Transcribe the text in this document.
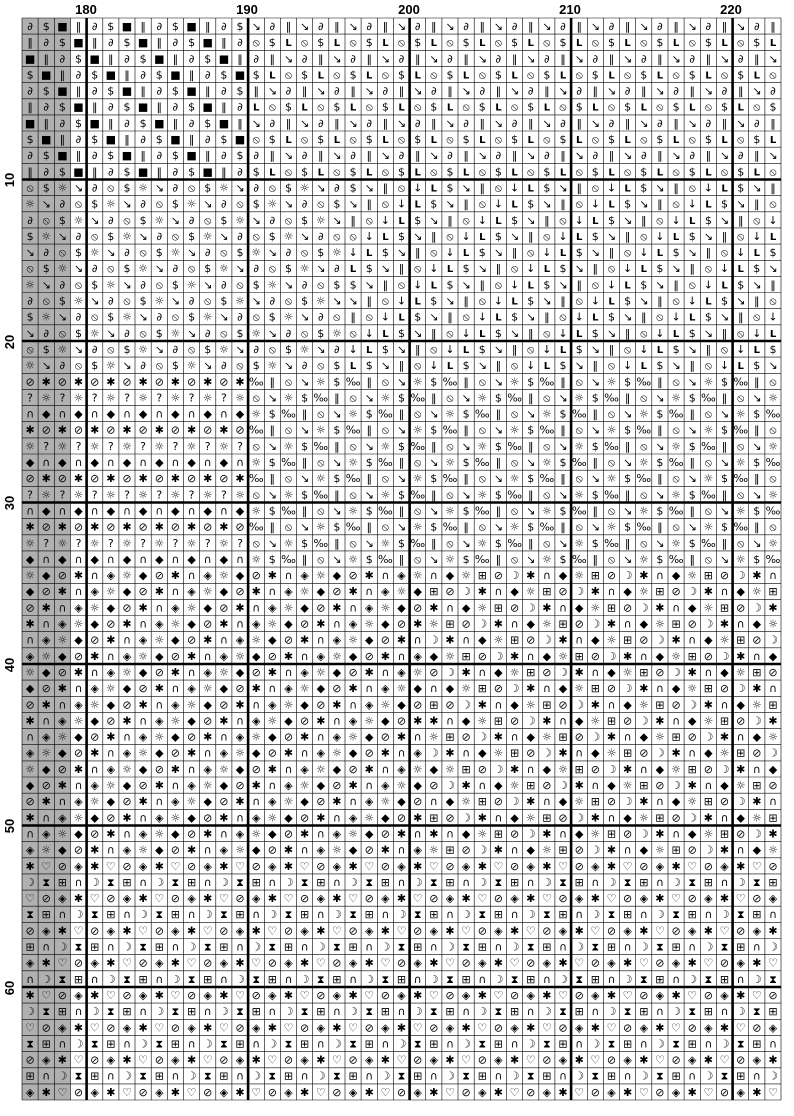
∂ $ ■ ‖ ∂ $ ■ ‖ ∂ $ ■ ‖ ∂ $ ↘ ∂ ‖ ↘ ∂ ‖ ↘ ∂ ‖ ↘ ∂ ‖ ↘ ∂ ‖ ↘ ∂ ‖ ↘ ∂ ‖ ↘ ∂ ‖ ↘ ∂ ‖ ↘ ∂ ‖ ↘ ∂ ‖
‖ ∂ $ ■ ‖ ∂ $ ■ ‖ ∂ $ ■ ‖ ∂ ⦸ $ L ⦸ $ L ⦸ $ L ⦸ $ L ⦸ $ L ⦸ $ L ⦸ $ L ⦸ $ L ⦸ $ L ⦸ $ L ⦸ $ L
■ ‖ ∂ $ ■ ‖ ∂ $ ■ ‖ ∂ $ ■ ‖ ∂ ‖ ↘ ∂ ‖ ↘ ∂ ‖ ↘ ∂ ‖ ↘ ∂ ‖ ↘ ∂ ‖ ↘ ∂ ‖ ↘ ∂ ‖ ↘ ∂ ‖ ↘ ∂ ‖ ↘ ∂ ‖ ↘
$ ■ ‖ ∂ $ ■ ‖ ∂ $ ■ ‖ ∂ $ ■ $ L ⦸ $ L ⦸ $ L ⦸ $ L ⦸ $ L ⦸ $ L ⦸ $ L ⦸ $ L ⦸ $ L ⦸ $ L ⦸ $ L ⦸
∂ $ ■ ‖ ∂ $ ■ ‖ ∂ $ ■ ‖ ∂ $ ‖ ↘ ∂ ‖ ↘ ∂ ‖ ↘ ∂ ‖ ↘ ∂ ‖ ↘ ∂ ‖ ↘ ∂ ‖ ↘ ∂ ‖ ↘ ∂ ‖ ↘ ∂ ‖ ↘ ∂ ‖ ↘ ∂
‖ ∂ $ ■ ‖ ∂ $ ■ ‖ ∂ $ ■ ‖ ∂ L ⦸ $ L ⦸ $ L ⦸ $ L ⦸ $ L ⦸ $ L ⦸ $ L ⦸ $ L ⦸ $ L ⦸ $ L ⦸ $ L ⦸ $
■ ‖ ∂ $ ■ ‖ ∂ $ ■ ‖ ∂ $ ■ ‖ ↘ ∂ ‖ ↘ ∂ ‖ ↘ ∂ ‖ ↘ ∂ ‖ ↘ ∂ ‖ ↘ ∂ ‖ ↘ ∂ ‖ ↘ ∂ ‖ ↘ ∂ ‖ ↘ ∂ ‖ ↘ ∂ ‖
$ ■ ‖ ∂ $ ■ ‖ ∂ $ ■ ‖ ∂ $ ■ ⦸ $ L ⦸ $ L ⦸ $ L ⦸ $ L ⦸ $ L ⦸ $ L ⦸ $ L ⦸ $ L ⦸ $ L ⦸ $ L ⦸ $ L
∂ $ ■ ‖ ∂ $ ■ ‖ ∂ $ ■ ‖ ∂ $ ∂ ‖ ↘ ∂ ‖ ↘ ∂ ‖ ↘ ∂ ‖ ↘ ∂ ‖ ↘ ∂ ‖ ↘ ∂ ‖ ↘ ∂ ‖ ↘ ∂ ‖ ↘ ∂ ‖ ↘ ∂ ‖ ↘
‖ ∂ $ ■ ‖ ∂ $ ■ ‖ ∂ $ ■ ‖ ∂ $ L ⦸ $ L ⦸ $ L ⦸ $ L ⦸ $ L ⦸ $ L ⦸ $ L ⦸ $ L ⦸ $ L ⦸ $ L ⦸ $ L ⦸
⦸ $ ☼ ↘ ∂ ⦸ $ ☼ ↘ ∂ ⦸ $ ☼ ↘ ∂ ⦸ $ ☼ ↘ ∂ $ ↘ ‖ ⦸ ↓ L $ ↘ ‖ ⦸ ↓ L $ ↘ ‖ ⦸ ↓ L $ ↘ ‖ ⦸ ↓ L $ ↘ ‖
☼ ↘ ∂ ⦸ $ ☼ ↘ ∂ ⦸ $ ☼ ↘ ∂ ⦸ $ ☼ ↘ ∂ ⦸ $ ↘ ‖ ⦸ ↓ L $ ↘ ‖ ⦸ ↓ L $ ↘ ‖ ⦸ ↓ L $ ↘ ‖ ⦸ ↓ L $ ↘ ‖ ⦸
∂ ⦸ $ ☼ ↘ ∂ ⦸ $ ☼ ↘ ∂ ⦸ $ ☼ ↘ ∂ ⦸ $ ☼ ↘ ‖ ⦸ ↓ L $ ↘ ‖ ⦸ ↓ L $ ↘ ‖ ⦸ ↓ L $ ↘ ‖ ⦸ ↓ L $ ↘ ‖ ⦸ ↓
$ ☼ ↘ ∂ ⦸ $ ☼ ↘ ∂ ⦸ $ ☼ ↘ ∂ ⦸ $ ☼ ↘ ∂ ⦸ ⦸ ↓ L $ ↘ ‖ ⦸ ↓ L $ ↘ ‖ ⦸ ↓ L $ ↘ ‖ ⦸ ↓ L $ ↘ ‖ ⦸ ↓ L
↘ ∂ ⦸ $ ☼ ↘ ∂ ⦸ $ ☼ ↘ ∂ ⦸ $ ☼ ↘ ∂ ⦸ $ ☼ ↓ L $ ↘ ‖ ⦸ ↓ L $ ↘ ‖ ⦸ ↓ L $ ↘ ‖ ⦸ ↓ L $ ↘ ‖ ⦸ ↓ L $
⦸ $ ☼ ↘ ∂ ⦸ $ ☼ ↘ ∂ ⦸ $ ☼ ↘ ∂ ⦸ $ ☼ ↘ ∂ L $ ↘ ‖ ⦸ ↓ L $ ↘ ‖ ⦸ ↓ L $ ↘ ‖ ⦸ ↓ L $ ↘ ‖ ⦸ ↓ L $ ↘
☼ ↘ ∂ ⦸ $ ☼ ↘ ∂ ⦸ $ ☼ ↘ ∂ ⦸ $ ☼ ↘ ∂ ⦸ $ $ ↘ ‖ ⦸ ↓ L $ ↘ ‖ ⦸ ↓ L $ ↘ ‖ ⦸ ↓ L $ ↘ ‖ ⦸ ↓ L $ ↘ ‖
∂ ⦸ $ ☼ ↘ ∂ ⦸ $ ☼ ↘ ∂ ⦸ $ ☼ ↘ ∂ ⦸ $ ☼ ↘ ↘ ‖ ⦸ ↓ L $ ↘ ‖ ⦸ ↓ L $ ↘ ‖ ⦸ ↓ L $ ↘ ‖ ⦸ ↓ L $ ↘ ‖ ⦸
$ ☼ ↘ ∂ ⦸ $ ☼ ↘ ∂ ⦸ $ ☼ ↘ ∂ ⦸ $ ☼ ↘ ∂ ⦸ ‖ ⦸ ↓ L $ ↘ ‖ ⦸ ↓ L $ ↘ ‖ ⦸ ↓ L $ ↘ ‖ ⦸ ↓ L $ ↘ ‖ ⦸ ↓
↘ ∂ ⦸ $ ☼ ↘ ∂ ⦸ $ ☼ ↘ ∂ ⦸ $ ☼ ↘ ∂ ⦸ $ ☼ ⦸ ↓ L $ ↘ ‖ ⦸ ↓ L $ ↘ ‖ ⦸ ↓ L $ ↘ ‖ ⦸ ↓ L $ ↘ ‖ ⦸ ↓ L
⦸ $ ☼ ↘ ∂ ⦸ $ ☼ ↘ ∂ ⦸ $ ☼ ↘ ∂ ⦸ $ ☼ ↘ ∂ ↓ L $ ↘ ‖ ⦸ ↓ L $ ↘ ‖ ⦸ ↓ L $ ↘ ‖ ⦸ ↓ L $ ↘ ‖ ⦸ ↓ L $
☼ ↘ ∂ ⦸ $ ☼ ↘ ∂ ⦸ $ ☼ ↘ ∂ ⦸ $ ☼ ↘ ∂ ⦸ $ L $ ↘ ‖ ⦸ ↓ L $ ↘ ‖ ⦸ ↓ L $ ↘ ‖ ⦸ ↓ L $ ↘ ‖ ⦸ ↓ L $ ↘
⊘ ✱ ⊘ ✱ ⊘ ✱ ⊘ ✱ ⊘ ✱ ⊘ ✱ ⊘ ✱ ‰ ‖ ⦸ ↘ ☼ $ ‰ ‖ ⦸ ↘ ☼ $ ‰ ‖ ⦸ ↘ ☼ $ ‰ ‖ ⦸ ↘ ☼ $ ‰ ‖ ⦸ ↘ ☼ $ ‰ ‖ ⦸
? ☼ ? ☼ ? ☼ ? ☼ ? ☼ ? ☼ ? ☼ ⦸ ↘ ☼ $ ‰ ‖ ⦸ ↘ ☼ $ ‰ ‖ ⦸ ↘ ☼ $ ‰ ‖ ⦸ ↘ ☼ $ ‰ ‖ ⦸ ↘ ☼ $ ‰ ‖ ⦸ ↘ ☼
∩ ◆ ∩ ◆ ∩ ◆ ∩ ◆ ∩ ◆ ∩ ◆ ∩ ◆ ☼ $ ‰ ‖ ⦸ ↘ ☼ $ ‰ ‖ ⦸ ↘ ☼ $ ‰ ‖ ⦸ ↘ ☼ $ ‰ ‖ ⦸ ↘ ☼ $ ‰ ‖ ⦸ ↘ ☼ $ ‰
✱ ⊘ ✱ ⊘ ✱ ⊘ ✱ ⊘ ✱ ⊘ ✱ ⊘ ✱ ⊘ ‰ ‖ ⦸ ↘ ☼ $ ‰ ‖ ⦸ ↘ ☼ $ ‰ ‖ ⦸ ↘ ☼ $ ‰ ‖ ⦸ ↘ ☼ $ ‰ ‖ ⦸ ↘ ☼ $ ‰ ‖ ⦸
☼ ? ☼ ? ☼ ? ☼ ? ☼ ? ☼ ? ☼ ? ⦸ ↘ ☼ $ ‰ ‖ ⦸ ↘ ☼ $ ‰ ‖ ⦸ ↘ ☼ $ ‰ ‖ ⦸ ↘ ☼ $ ‰ ‖ ⦸ ↘ ☼ $ ‰ ‖ ⦸ ↘ ☼
◆ ∩ ◆ ∩ ◆ ∩ ◆ ∩ ◆ ∩ ◆ ∩ ◆ ∩ ☼ $ ‰ ‖ ⦸ ↘ ☼ $ ‰ ‖ ⦸ ↘ ☼ $ ‰ ‖ ⦸ ↘ ☼ $ ‰ ‖ ⦸ ↘ ☼ $ ‰ ‖ ⦸ ↘ ☼ $ ‰
⊘ ✱ ⊘ ✱ ⊘ ✱ ⊘ ✱ ⊘ ✱ ⊘ ✱ ⊘ ✱ ‰ ‖ ⦸ ↘ ☼ $ ‰ ‖ ⦸ ↘ ☼ $ ‰ ‖ ⦸ ↘ ☼ $ ‰ ‖ ⦸ ↘ ☼ $ ‰ ‖ ⦸ ↘ ☼ $ ‰ ‖ ⦸
? ☼ ? ☼ ? ☼ ? ☼ ? ☼ ? ☼ ? ☼ ⦸ ↘ ☼ $ ‰ ‖ ⦸ ↘ ☼ $ ‰ ‖ ⦸ ↘ ☼ $ ‰ ‖ ⦸ ↘ ☼ $ ‰ ‖ ⦸ ↘ ☼ $ ‰ ‖ ⦸ ↘ ☼
∩ ◆ ∩ ◆ ∩ ◆ ∩ ◆ ∩ ◆ ∩ ◆ ∩ ◆ ☼ $ ‰ ‖ ⦸ ↘ ☼ $ ‰ ‖ ⦸ ↘ ☼ $ ‰ ‖ ⦸ ↘ ☼ $ ‰ ‖ ⦸ ↘ ☼ $ ‰ ‖ ⦸ ↘ ☼ $ ‰
✱ ⊘ ✱ ⊘ ✱ ⊘ ✱ ⊘ ✱ ⊘ ✱ ⊘ ✱ ⊘ ‰ ‖ ⦸ ↘ ☼ $ ‰ ‖ ⦸ ↘ ☼ $ ‰ ‖ ⦸ ↘ ☼ $ ‰ ‖ ⦸ ↘ ☼ $ ‰ ‖ ⦸ ↘ ☼ $ ‰ ‖ ⦸
☼ ? ☼ ? ☼ ? ☼ ? ☼ ? ☼ ? ☼ ? ⦸ ↘ ☼ $ ‰ ‖ ⦸ ↘ ☼ $ ‰ ‖ ⦸ ↘ ☼ $ ‰ ‖ ⦸ ↘ ☼ $ ‰ ‖ ⦸ ↘ ☼ $ ‰ ‖ ⦸ ↘ ☼
◆ ∩ ◆ ∩ ◆ ∩ ◆ ∩ ◆ ∩ ◆ ∩ ◆ ∩ ☼ $ ‰ ‖ ⦸ ↘ ☼ $ ‰ ‖ ⦸ ↘ ☼ $ ‰ ‖ ⦸ ↘ ☼ $ ‰ ‖ ⦸ ↘ ☼ $ ‰ ‖ ⦸ ↘ ☼ $ ‰
☼ ◆ ⊘ ✱ ∩ ◈ ☼ ◆ ⊘ ✱ ∩ ◈ ☼ ◆ ⊘ ✱ ∩ ◈ ☼ ◆ ⊘ ✱ ∩ ◈ ☼ ∩ ◆ ☼ ⊞ ⊘ ☽ ✱ ∩ ◆ ☼ ⊞ ⊘ ☽ ✱ ∩ ◆ ☼ ⊞ ⊘ ☽ ✱ ∩
◆ ⊘ ✱ ∩ ◈ ☼ ◆ ⊘ ✱ ∩ ◈ ☼ ◆ ⊘ ✱ ∩ ◈ ☼ ◆ ⊘ ✱ ∩ ◈ ☼ ◆ ⊞ ⊘ ☽ ✱ ∩ ◆ ☼ ⊞ ⊘ ☽ ✱ ∩ ◆ ☼ ⊞ ⊘ ☽ ✱ ∩ ◆ ☼ ⊞
⊘ ✱ ∩ ◈ ☼ ◆ ⊘ ✱ ∩ ◈ ☼ ◆ ⊘ ✱ ∩ ◈ ☼ ◆ ⊘ ✱ ∩ ◈ ☼ ◆ ⊘ ✱ ∩ ◆ ☼ ⊞ ⊘ ☽ ✱ ∩ ◆ ☼ ⊞ ⊘ ☽ ✱ ∩ ◆ ☼ ⊞ ⊘ ☽ ✱
✱ ∩ ◈ ☼ ◆ ⊘ ✱ ∩ ◈ ☼ ◆ ⊘ ✱ ∩ ◈ ☼ ◆ ⊘ ✱ ∩ ◈ ☼ ◆ ⊘ ✱ ☼ ⊞ ⊘ ☽ ✱ ∩ ◆ ☼ ⊞ ⊘ ☽ ✱ ∩ ◆ ☼ ⊞ ⊘ ☽ ✱ ∩ ◆ ☼
∩ ◈ ☼ ◆ ⊘ ✱ ∩ ◈ ☼ ◆ ⊘ ✱ ∩ ◈ ☼ ◆ ⊘ ✱ ∩ ◈ ☼ ◆ ⊘ ✱ ∩ ☽ ✱ ∩ ◆ ☼ ⊞ ⊘ ☽ ✱ ∩ ◆ ☼ ⊞ ⊘ ☽ ✱ ∩ ◆ ☼ ⊞ ⊘ ☽
◈ ☼ ◆ ⊘ ✱ ∩ ◈ ☼ ◆ ⊘ ✱ ∩ ◈ ☼ ◆ ⊘ ✱ ∩ ◈ ☼ ◆ ⊘ ✱ ∩ ◈ ◆ ☼ ⊞ ⊘ ☽ ✱ ∩ ◆ ☼ ⊞ ⊘ ☽ ✱ ∩ ◆ ☼ ⊞ ⊘ ☽ ✱ ∩ ◆
☼ ◆ ⊘ ✱ ∩ ◈ ☼ ◆ ⊘ ✱ ∩ ◈ ☼ ◆ ⊘ ✱ ∩ ◈ ☼ ◆ ⊘ ✱ ∩ ◈ ☼ ⊘ ☽ ✱ ∩ ◆ ☼ ⊞ ⊘ ☽ ✱ ∩ ◆ ☼ ⊞ ⊘ ☽ ✱ ∩ ◆ ☼ ⊞ ⊘
◆ ⊘ ✱ ∩ ◈ ☼ ◆ ⊘ ✱ ∩ ◈ ☼ ◆ ⊘ ✱ ∩ ◈ ☼ ◆ ⊘ ✱ ∩ ◈ ☼ ◆ ∩ ◆ ☼ ⊞ ⊘ ☽ ✱ ∩ ◆ ☼ ⊞ ⊘ ☽ ✱ ∩ ◆ ☼ ⊞ ⊘ ☽ ✱ ∩
⊘ ✱ ∩ ◈ ☼ ◆ ⊘ ✱ ∩ ◈ ☼ ◆ ⊘ ✱ ∩ ◈ ☼ ◆ ⊘ ✱ ∩ ◈ ☼ ◆ ⊘ ⊞ ⊘ ☽ ✱ ∩ ◆ ☼ ⊞ ⊘ ☽ ✱ ∩ ◆ ☼ ⊞ ⊘ ☽ ✱ ∩ ◆ ☼ ⊞
✱ ∩ ◈ ☼ ◆ ⊘ ✱ ∩ ◈ ☼ ◆ ⊘ ✱ ∩ ◈ ☼ ◆ ⊘ ✱ ∩ ◈ ☼ ◆ ⊘ ✱ ✱ ∩ ◆ ☼ ⊞ ⊘ ☽ ✱ ∩ ◆ ☼ ⊞ ⊘ ☽ ✱ ∩ ◆ ☼ ⊞ ⊘ ☽ ✱
∩ ◈ ☼ ◆ ⊘ ✱ ∩ ◈ ☼ ◆ ⊘ ✱ ∩ ◈ ☼ ◆ ⊘ ✱ ∩ ◈ ☼ ◆ ⊘ ✱ ∩ ☼ ⊞ ⊘ ☽ ✱ ∩ ◆ ☼ ⊞ ⊘ ☽ ✱ ∩ ◆ ☼ ⊞ ⊘ ☽ ✱ ∩ ◆ ☼
◈ ☼ ◆ ⊘ ✱ ∩ ◈ ☼ ◆ ⊘ ✱ ∩ ◈ ☼ ◆ ⊘ ✱ ∩ ◈ ☼ ◆ ⊘ ✱ ∩ ◈ ☽ ✱ ∩ ◆ ☼ ⊞ ⊘ ☽ ✱ ∩ ◆ ☼ ⊞ ⊘ ☽ ✱ ∩ ◆ ☼ ⊞ ⊘ ☽
☼ ◆ ⊘ ✱ ∩ ◈ ☼ ◆ ⊘ ✱ ∩ ◈ ☼ ◆ ⊘ ✱ ∩ ◈ ☼ ◆ ⊘ ✱ ∩ ◈ ☼ ◆ ☼ ⊞ ⊘ ☽ ✱ ∩ ◆ ☼ ⊞ ⊘ ☽ ✱ ∩ ◆ ☼ ⊞ ⊘ ☽ ✱ ∩ ◆
◆ ⊘ ✱ ∩ ◈ ☼ ◆ ⊘ ✱ ∩ ◈ ☼ ◆ ⊘ ✱ ∩ ◈ ☼ ◆ ⊘ ✱ ∩ ◈ ☼ ◆ ⊘ ☽ ✱ ∩ ◆ ☼ ⊞ ⊘ ☽ ✱ ∩ ◆ ☼ ⊞ ⊘ ☽ ✱ ∩ ◆ ☼ ⊞ ⊘
⊘ ✱ ∩ ◈ ☼ ◆ ⊘ ✱ ∩ ◈ ☼ ◆ ⊘ ✱ ∩ ◈ ☼ ◆ ⊘ ✱ ∩ ◈ ☼ ◆ ⊘ ∩ ◆ ☼ ⊞ ⊘ ☽ ✱ ∩ ◆ ☼ ⊞ ⊘ ☽ ✱ ∩ ◆ ☼ ⊞ ⊘ ☽ ✱ ∩
✱ ∩ ◈ ☼ ◆ ⊘ ✱ ∩ ◈ ☼ ◆ ⊘ ✱ ∩ ◈ ☼ ◆ ⊘ ✱ ∩ ◈ ☼ ◆ ⊘ ✱ ⊞ ⊘ ☽ ✱ ∩ ◆ ☼ ⊞ ⊘ ☽ ✱ ∩ ◆ ☼ ⊞ ⊘ ☽ ✱ ∩ ◆ ☼ ⊞
∩ ◈ ☼ ◆ ⊘ ✱ ∩ ◈ ☼ ◆ ⊘ ✱ ∩ ◈ ☼ ◆ ⊘ ✱ ∩ ◈ ☼ ◆ ⊘ ✱ ∩ ✱ ∩ ◆ ☼ ⊞ ⊘ ☽ ✱ ∩ ◆ ☼ ⊞ ⊘ ☽ ✱ ∩ ◆ ☼ ⊞ ⊘ ☽ ✱
◈ ☼ ◆ ⊘ ✱ ∩ ◈ ☼ ◆ ⊘ ✱ ∩ ◈ ☼ ◆ ⊘ ✱ ∩ ◈ ☼ ◆ ⊘ ✱ ∩ ◈ ☼ ⊞ ⊘ ☽ ✱ ∩ ◆ ☼ ⊞ ⊘ ☽ ✱ ∩ ◆ ☼ ⊞ ⊘ ☽ ✱ ∩ ◆ ☼
✱ ♡ ⊘ ◈ ✱ ♡ ⊘ ◈ ✱ ♡ ⊘ ◈ ✱ ♡ ⊘ ◈ ✱ ♡ ⊘ ◈ ✱ ♡ ⊘ ◈ ✱ ♡ ⊘ ◈ ✱ ♡ ⊘ ◈ ✱ ♡ ⊘ ◈ ✱ ♡ ⊘ ◈ ✱ ♡ ⊘ ◈ ✱ ♡ ⊘
☽ ⧗ ⊞ ∩ ☽ ⧗ ⊞ ∩ ☽ ⧗ ⊞ ∩ ☽ ⧗ ⊞ ∩ ☽ ⧗ ⊞ ∩ ☽ ⧗ ⊞ ∩ ☽ ⧗ ⊞ ∩ ☽ ⧗ ⊞ ∩ ☽ ⧗ ⊞ ∩ ☽ ⧗ ⊞ ∩ ☽ ⧗ ⊞ ∩ ☽ ⧗ ⊞
♡ ⊘ ◈ ✱ ♡ ⊘ ◈ ✱ ♡ ⊘ ◈ ✱ ♡ ⊘ ◈ ✱ ♡ ⊘ ◈ ✱ ♡ ⊘ ◈ ✱ ♡ ⊘ ◈ ✱ ♡ ⊘ ◈ ✱ ♡ ⊘ ◈ ✱ ♡ ⊘ ◈ ✱ ♡ ⊘ ◈ ✱ ♡ ⊘ ◈
⧗ ⊞ ∩ ☽ ⧗ ⊞ ∩ ☽ ⧗ ⊞ ∩ ☽ ⧗ ⊞ ∩ ☽ ⧗ ⊞ ∩ ☽ ⧗ ⊞ ∩ ☽ ⧗ ⊞ ∩ ☽ ⧗ ⊞ ∩ ☽ ⧗ ⊞ ∩ ☽ ⧗ ⊞ ∩ ☽ ⧗ ⊞ ∩ ☽ ⧗ ⊞ ∩
⊘ ◈ ✱ ♡ ⊘ ◈ ✱ ♡ ⊘ ◈ ✱ ♡ ⊘ ◈ ✱ ♡ ⊘ ◈ ✱ ♡ ⊘ ◈ ✱ ♡ ⊘ ◈ ✱ ♡ ⊘ ◈ ✱ ♡ ⊘ ◈ ✱ ♡ ⊘ ◈ ✱ ♡ ⊘ ◈ ✱ ♡ ⊘ ◈ ✱
⊞ ∩ ☽ ⧗ ⊞ ∩ ☽ ⧗ ⊞ ∩ ☽ ⧗ ⊞ ∩ ☽ ⧗ ⊞ ∩ ☽ ⧗ ⊞ ∩ ☽ ⧗ ⊞ ∩ ☽ ⧗ ⊞ ∩ ☽ ⧗ ⊞ ∩ ☽ ⧗ ⊞ ∩ ☽ ⧗ ⊞ ∩ ☽ ⧗ ⊞ ∩ ☽
◈ ✱ ♡ ⊘ ◈ ✱ ♡ ⊘ ◈ ✱ ♡ ⊘ ◈ ✱ ♡ ⊘ ◈ ✱ ♡ ⊘ ◈ ✱ ♡ ⊘ ◈ ✱ ♡ ⊘ ◈ ✱ ♡ ⊘ ◈ ✱ ♡ ⊘ ◈ ✱ ♡ ⊘ ◈ ✱ ♡ ⊘ ◈ ✱ ♡
∩ ☽ ⧗ ⊞ ∩ ☽ ⧗ ⊞ ∩ ☽ ⧗ ⊞ ∩ ☽ ⧗ ⊞ ∩ ☽ ⧗ ⊞ ∩ ☽ ⧗ ⊞ ∩ ☽ ⧗ ⊞ ∩ ☽ ⧗ ⊞ ∩ ☽ ⧗ ⊞ ∩ ☽ ⧗ ⊞ ∩ ☽ ⧗ ⊞ ∩ ☽ ⧗
✱ ♡ ⊘ ◈ ✱ ♡ ⊘ ◈ ✱ ♡ ⊘ ◈ ✱ ♡ ⊘ ◈ ✱ ♡ ⊘ ◈ ✱ ♡ ⊘ ◈ ✱ ♡ ⊘ ◈ ✱ ♡ ⊘ ◈ ✱ ♡ ⊘ ◈ ✱ ♡ ⊘ ◈ ✱ ♡ ⊘ ◈ ✱ ♡ ⊘
☽ ⧗ ⊞ ∩ ☽ ⧗ ⊞ ∩ ☽ ⧗ ⊞ ∩ ☽ ⧗ ⊞ ∩ ☽ ⧗ ⊞ ∩ ☽ ⧗ ⊞ ∩ ☽ ⧗ ⊞ ∩ ☽ ⧗ ⊞ ∩ ☽ ⧗ ⊞ ∩ ☽ ⧗ ⊞ ∩ ☽ ⧗ ⊞ ∩ ☽ ⧗ ⊞
♡ ⊘ ◈ ✱ ♡ ⊘ ◈ ✱ ♡ ⊘ ◈ ✱ ♡ ⊘ ◈ ✱ ♡ ⊘ ◈ ✱ ♡ ⊘ ◈ ✱ ♡ ⊘ ◈ ✱ ♡ ⊘ ◈ ✱ ♡ ⊘ ◈ ✱ ♡ ⊘ ◈ ✱ ♡ ⊘ ◈ ✱ ♡ ⊘ ◈
⧗ ⊞ ∩ ☽ ⧗ ⊞ ∩ ☽ ⧗ ⊞ ∩ ☽ ⧗ ⊞ ∩ ☽ ⧗ ⊞ ∩ ☽ ⧗ ⊞ ∩ ☽ ⧗ ⊞ ∩ ☽ ⧗ ⊞ ∩ ☽ ⧗ ⊞ ∩ ☽ ⧗ ⊞ ∩ ☽ ⧗ ⊞ ∩ ☽ ⧗ ⊞ ∩
⊘ ◈ ✱ ♡ ⊘ ◈ ✱ ♡ ⊘ ◈ ✱ ♡ ⊘ ◈ ✱ ♡ ⊘ ◈ ✱ ♡ ⊘ ◈ ✱ ♡ ⊘ ◈ ✱ ♡ ⊘ ◈ ✱ ♡ ⊘ ◈ ✱ ♡ ⊘ ◈ ✱ ♡ ⊘ ◈ ✱ ♡ ⊘ ◈ ✱
⊞ ∩ ☽ ⧗ ⊞ ∩ ☽ ⧗ ⊞ ∩ ☽ ⧗ ⊞ ∩ ☽ ⧗ ⊞ ∩ ☽ ⧗ ⊞ ∩ ☽ ⧗ ⊞ ∩ ☽ ⧗ ⊞ ∩ ☽ ⧗ ⊞ ∩ ☽ ⧗ ⊞ ∩ ☽ ⧗ ⊞ ∩ ☽ ⧗ ⊞ ∩ ☽
◈ ✱ ♡ ⊘ ◈ ✱ ♡ ⊘ ◈ ✱ ♡ ⊘ ◈ ✱ ♡ ⊘ ◈ ✱ ♡ ⊘ ◈ ✱ ♡ ⊘ ◈ ✱ ♡ ⊘ ◈ ✱ ♡ ⊘ ◈ ✱ ♡ ⊘ ◈ ✱ ♡ ⊘ ◈ ✱ ♡ ⊘ ◈ ✱ ♡
180	190	200	210	220
10
20
30
40
50
60
